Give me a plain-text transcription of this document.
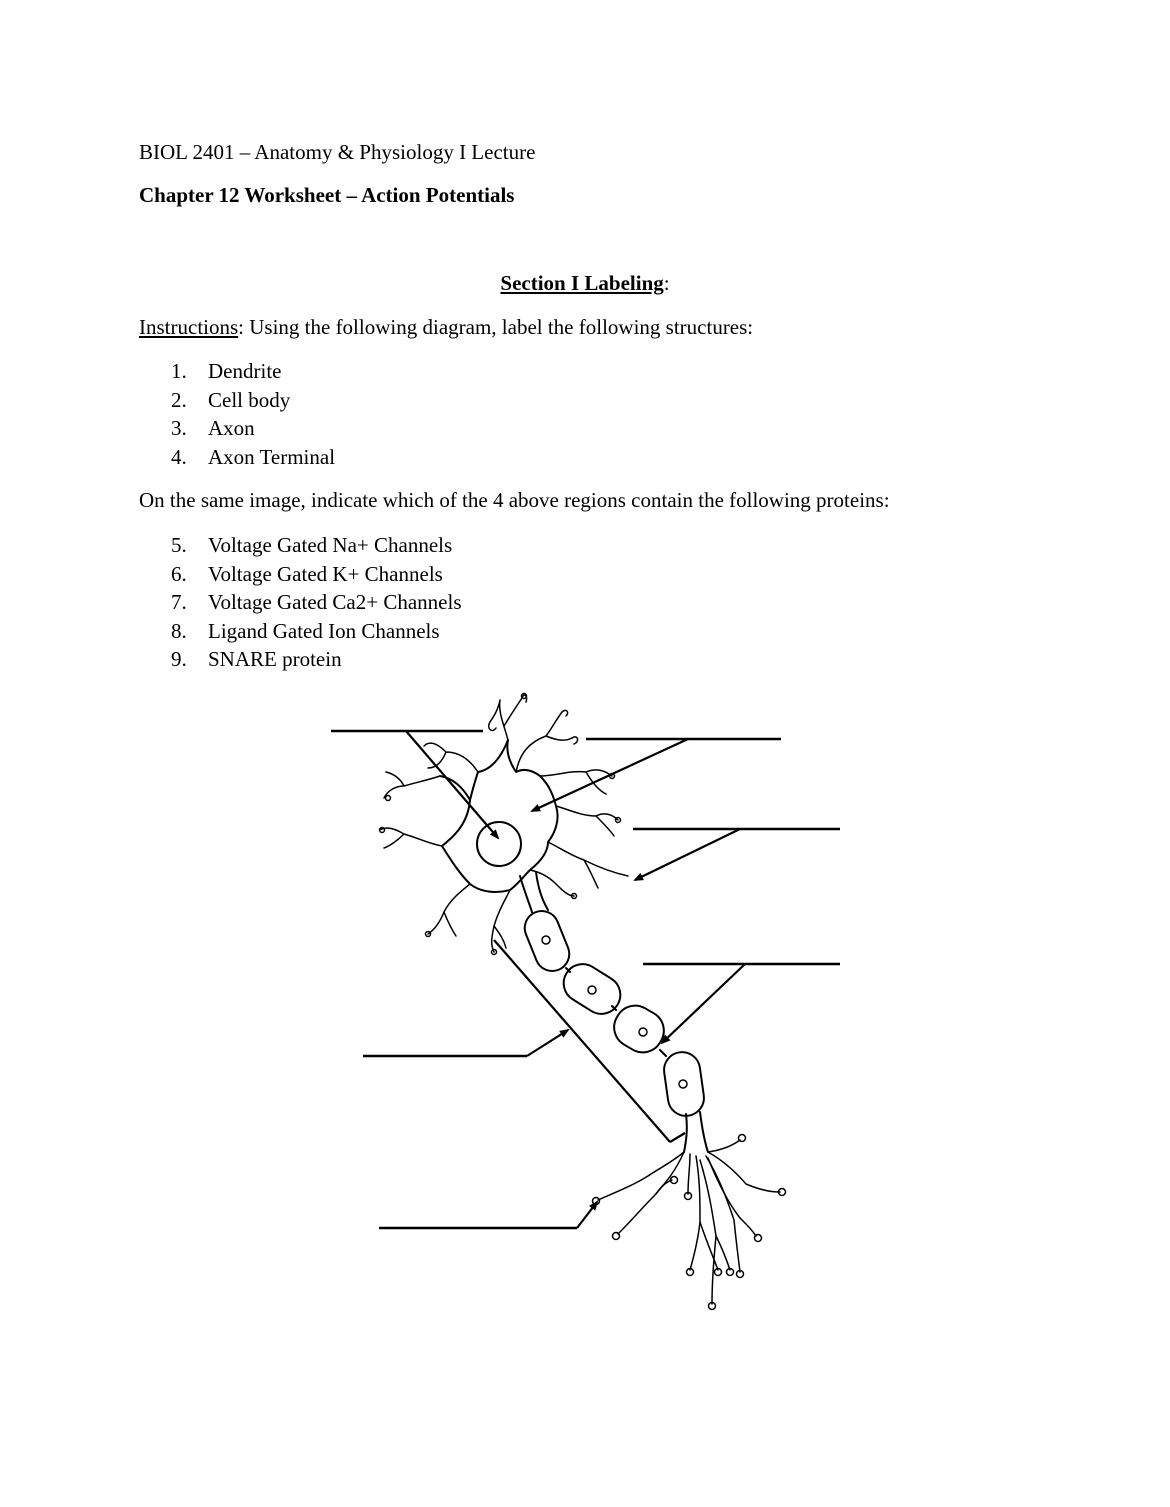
BIOL 2401 – Anatomy & Physiology I Lecture
Chapter 12 Worksheet – Action Potentials
Section I Labeling:
Instructions: Using the following diagram, label the following structures:
1. Dendrite
2. Cell body
3. Axon
4. Axon Terminal
On the same image, indicate which of the 4 above regions contain the following proteins:
5. Voltage Gated Na+ Channels
6. Voltage Gated K+ Channels
7. Voltage Gated Ca2+ Channels
8. Ligand Gated Ion Channels
9. SNARE protein
